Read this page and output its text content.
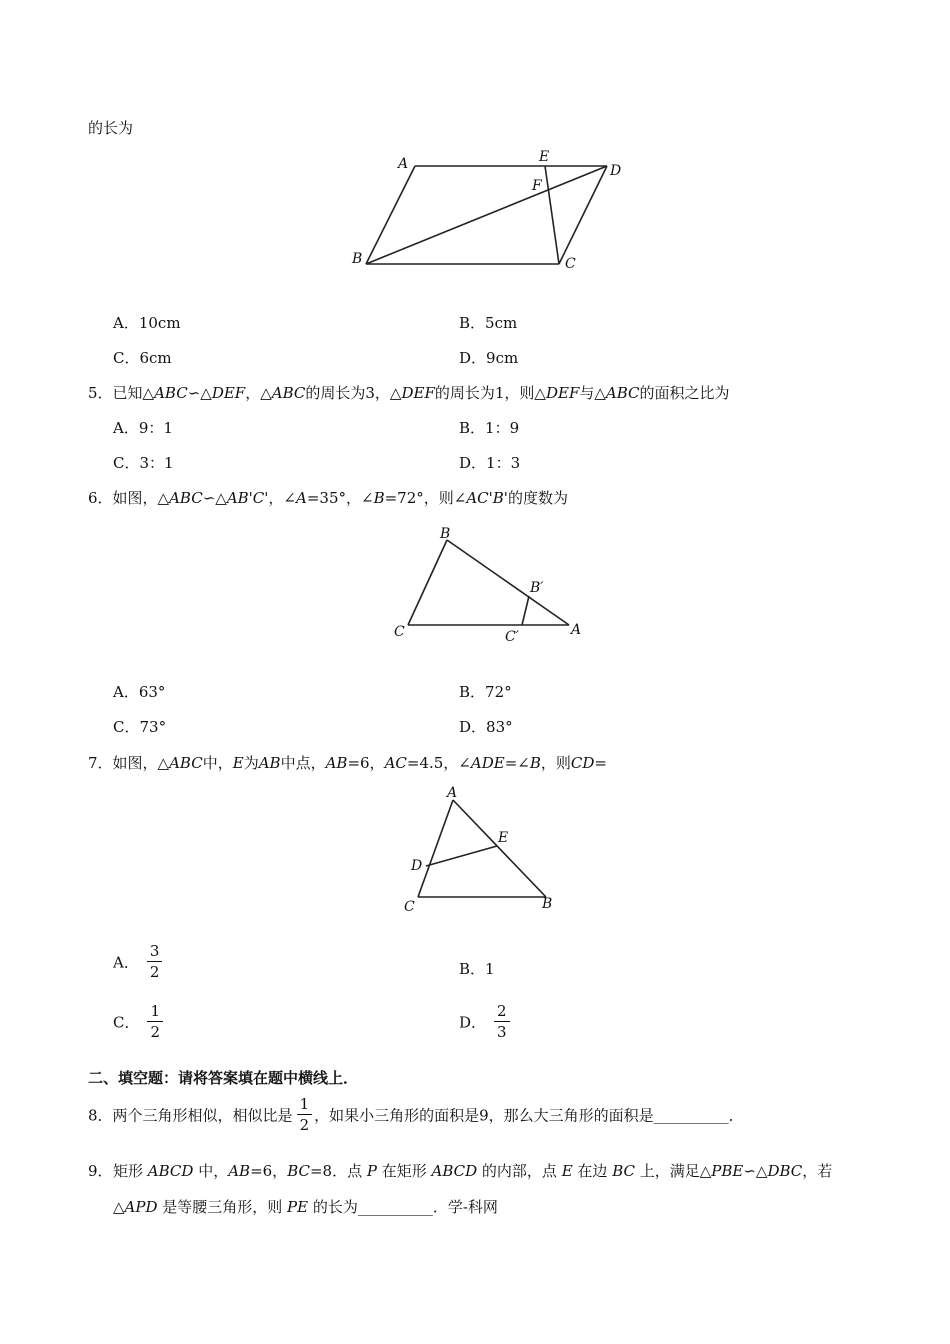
的长为
A	E
D
F
B	C
A．10cm	B．5cm
C．6cm	D．9cm
5．已知△ABC∽△DEF，△ABC的周长为3，△DEF的周长为1，则△DEF与△ABC的面积之比为
A．9：1	B．1：9
C．3：1	D．1：3
6．如图，△ABC∽△AB'C'，∠A=35°，∠B=72°，则∠AC'B'的度数为
B
B′
C	C′	A
A．63°	B．72°
C．73°	D．83°
7．如图，△ABC中，E为AB中点，AB=6，AC=4.5，∠ADE=∠B，则CD=
A
E
D
C	B
A． $\frac{3}{2}$	B．1
C． $\frac{1}{2}$	D． $\frac{2}{3}$
二、填空题：请将答案填在题中横线上．
8．两个三角形相似，相似比是 $\frac{1}{2}$ ，如果小三角形的面积是9，那么大三角形的面积是__________．
9． 矩形 ABCD 中，AB=6，BC=8．点 P 在矩形 ABCD 的内部，点 E 在边 BC 上，满足△PBE∽△DBC，若
△APD 是等腰三角形，则 PE 的长为__________．学-科网
